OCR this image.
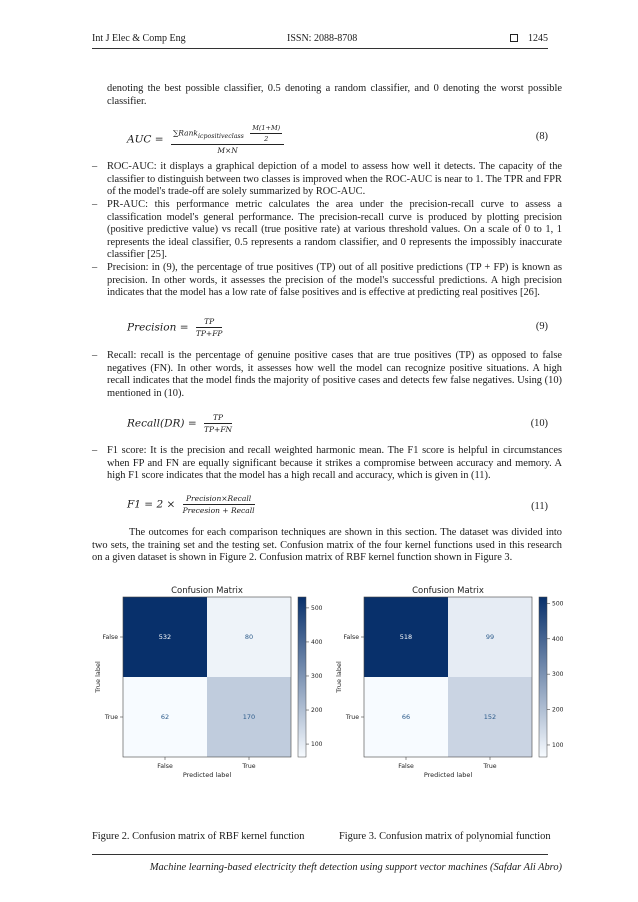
Int J Elec & Comp Eng	ISSN: 2088-8708	1245
denoting the best possible classifier, 0.5 denoting a random classifier, and 0 denoting the worst possible classifier.
AUC = $\frac{\sum Rank_{icpositiveclass} \frac{M(1+M)}{2}}{M\times N}$	(8)
– ROC-AUC: it displays a graphical depiction of a model to assess how well it detects. The capacity of the classifier to distinguish between two classes is improved when the ROC-AUC is near to 1. The TPR and FPR of the model's trade-off are solely summarized by ROC-AUC.
– PR-AUC: this performance metric calculates the area under the precision-recall curve to assess a classification model's general performance. The precision-recall curve is produced by plotting precision (positive predictive value) vs recall (true positive rate) at various threshold values. On a scale of 0 to 1, 1 represents the ideal classifier, 0.5 represents a random classifier, and 0 represents the impossibly inaccurate classifier [25].
– Precision: in (9), the percentage of true positives (TP) out of all positive predictions (TP + FP) is known as precision. In other words, it assesses the precision of the model's successful predictions. A high precision indicates that the model has a low rate of false positives and is effective at predicting real positives [26].
Precision = $\frac{TP}{TP+FP}$	(9)
– Recall: recall is the percentage of genuine positive cases that are true positives (TP) as opposed to false negatives (FN). In other words, it assesses how well the model can recognize positive situations. A high recall indicates that the model finds the majority of positive cases and detects few false negatives. Using (10) mentioned in (10).
Recall(DR) = $\frac{TP}{TP+FN}$	(10)
– F1 score: It is the precision and recall weighted harmonic mean. The F1 score is helpful in circumstances when FP and FN are equally significant because it strikes a compromise between accuracy and memory. A high F1 score indicates that the model has a high recall and accuracy, which is given in (11).
$F1 = 2 \times \frac{\text{Precision×Recall}}{\text{Precesion + Recall}}$	(11)
The outcomes for each comparison techniques are shown in this section. The dataset was divided into two sets, the training set and the testing set. Confusion matrix of the four kernel functions used in this research on a given dataset is shown in Figure 2. Confusion matrix of RBF kernel function shown in Figure 3.
Confusion Matrix
532	80
62	170
False
True
False	True
Predicted label
True label
100
200
300
400
500
Confusion Matrix
518	99
66	152
False
True
False	True
Predicted label
True label
100
200
300
400
500
Figure 2. Confusion matrix of RBF kernel function	Figure 3. Confusion matrix of polynomial function
Machine learning-based electricity theft detection using support vector machines (Safdar Ali Abro)
